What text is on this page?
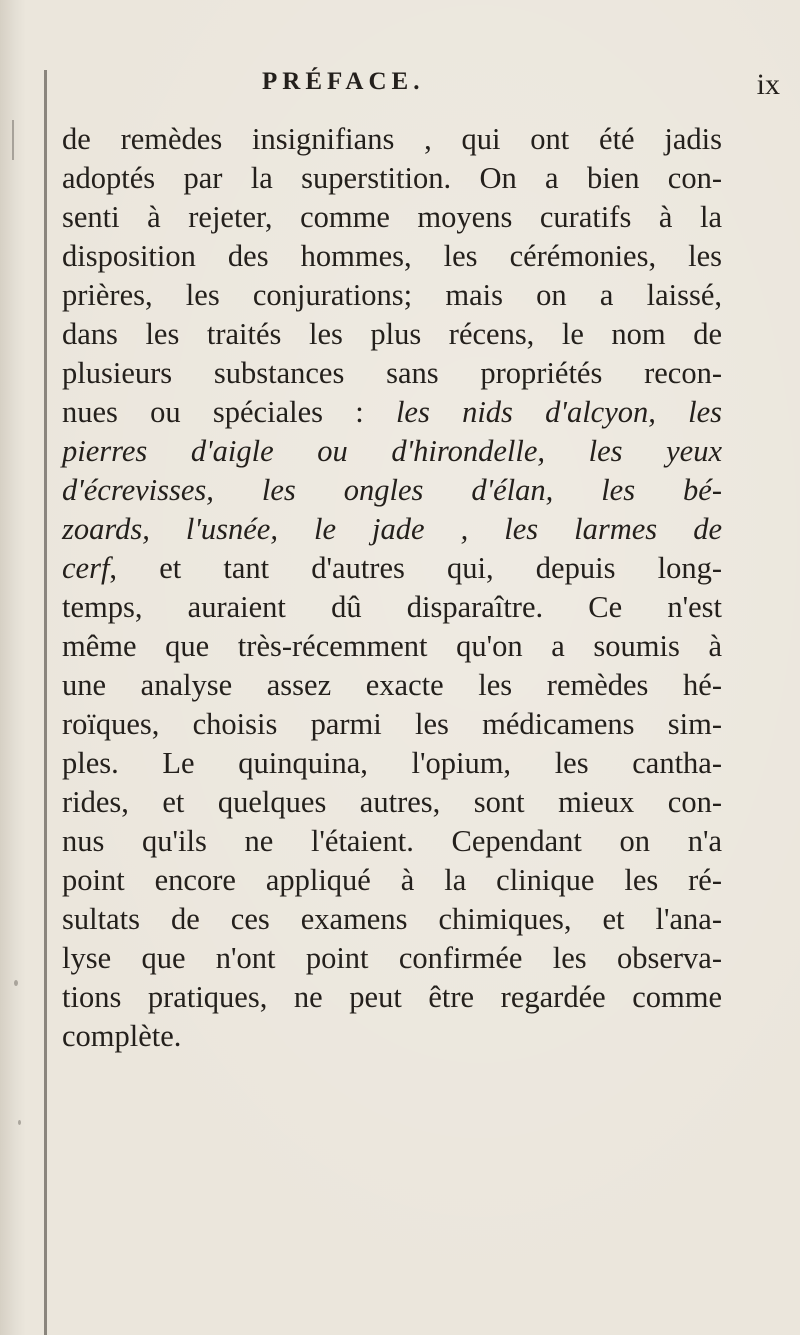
PRÉFACE.	ix
de remèdes insignifians , qui ont été jadis
adoptés par la superstition. On a bien con-
senti à rejeter, comme moyens curatifs à la
disposition des hommes, les cérémonies, les
prières, les conjurations; mais on a laissé,
dans les traités les plus récens, le nom de
plusieurs substances sans propriétés recon-
nues ou spéciales : les nids d'alcyon, les
pierres d'aigle ou d'hirondelle, les yeux
d'écrevisses, les ongles d'élan, les bé-
zoards, l'usnée, le jade , les larmes de
cerf, et tant d'autres qui, depuis long-
temps, auraient dû disparaître. Ce n'est
même que très-récemment qu'on a soumis à
une analyse assez exacte les remèdes hé-
roïques, choisis parmi les médicamens sim-
ples. Le quinquina, l'opium, les cantha-
rides, et quelques autres, sont mieux con-
nus qu'ils ne l'étaient. Cependant on n'a
point encore appliqué à la clinique les ré-
sultats de ces examens chimiques, et l'ana-
lyse que n'ont point confirmée les observa-
tions pratiques, ne peut être regardée comme
complète.
